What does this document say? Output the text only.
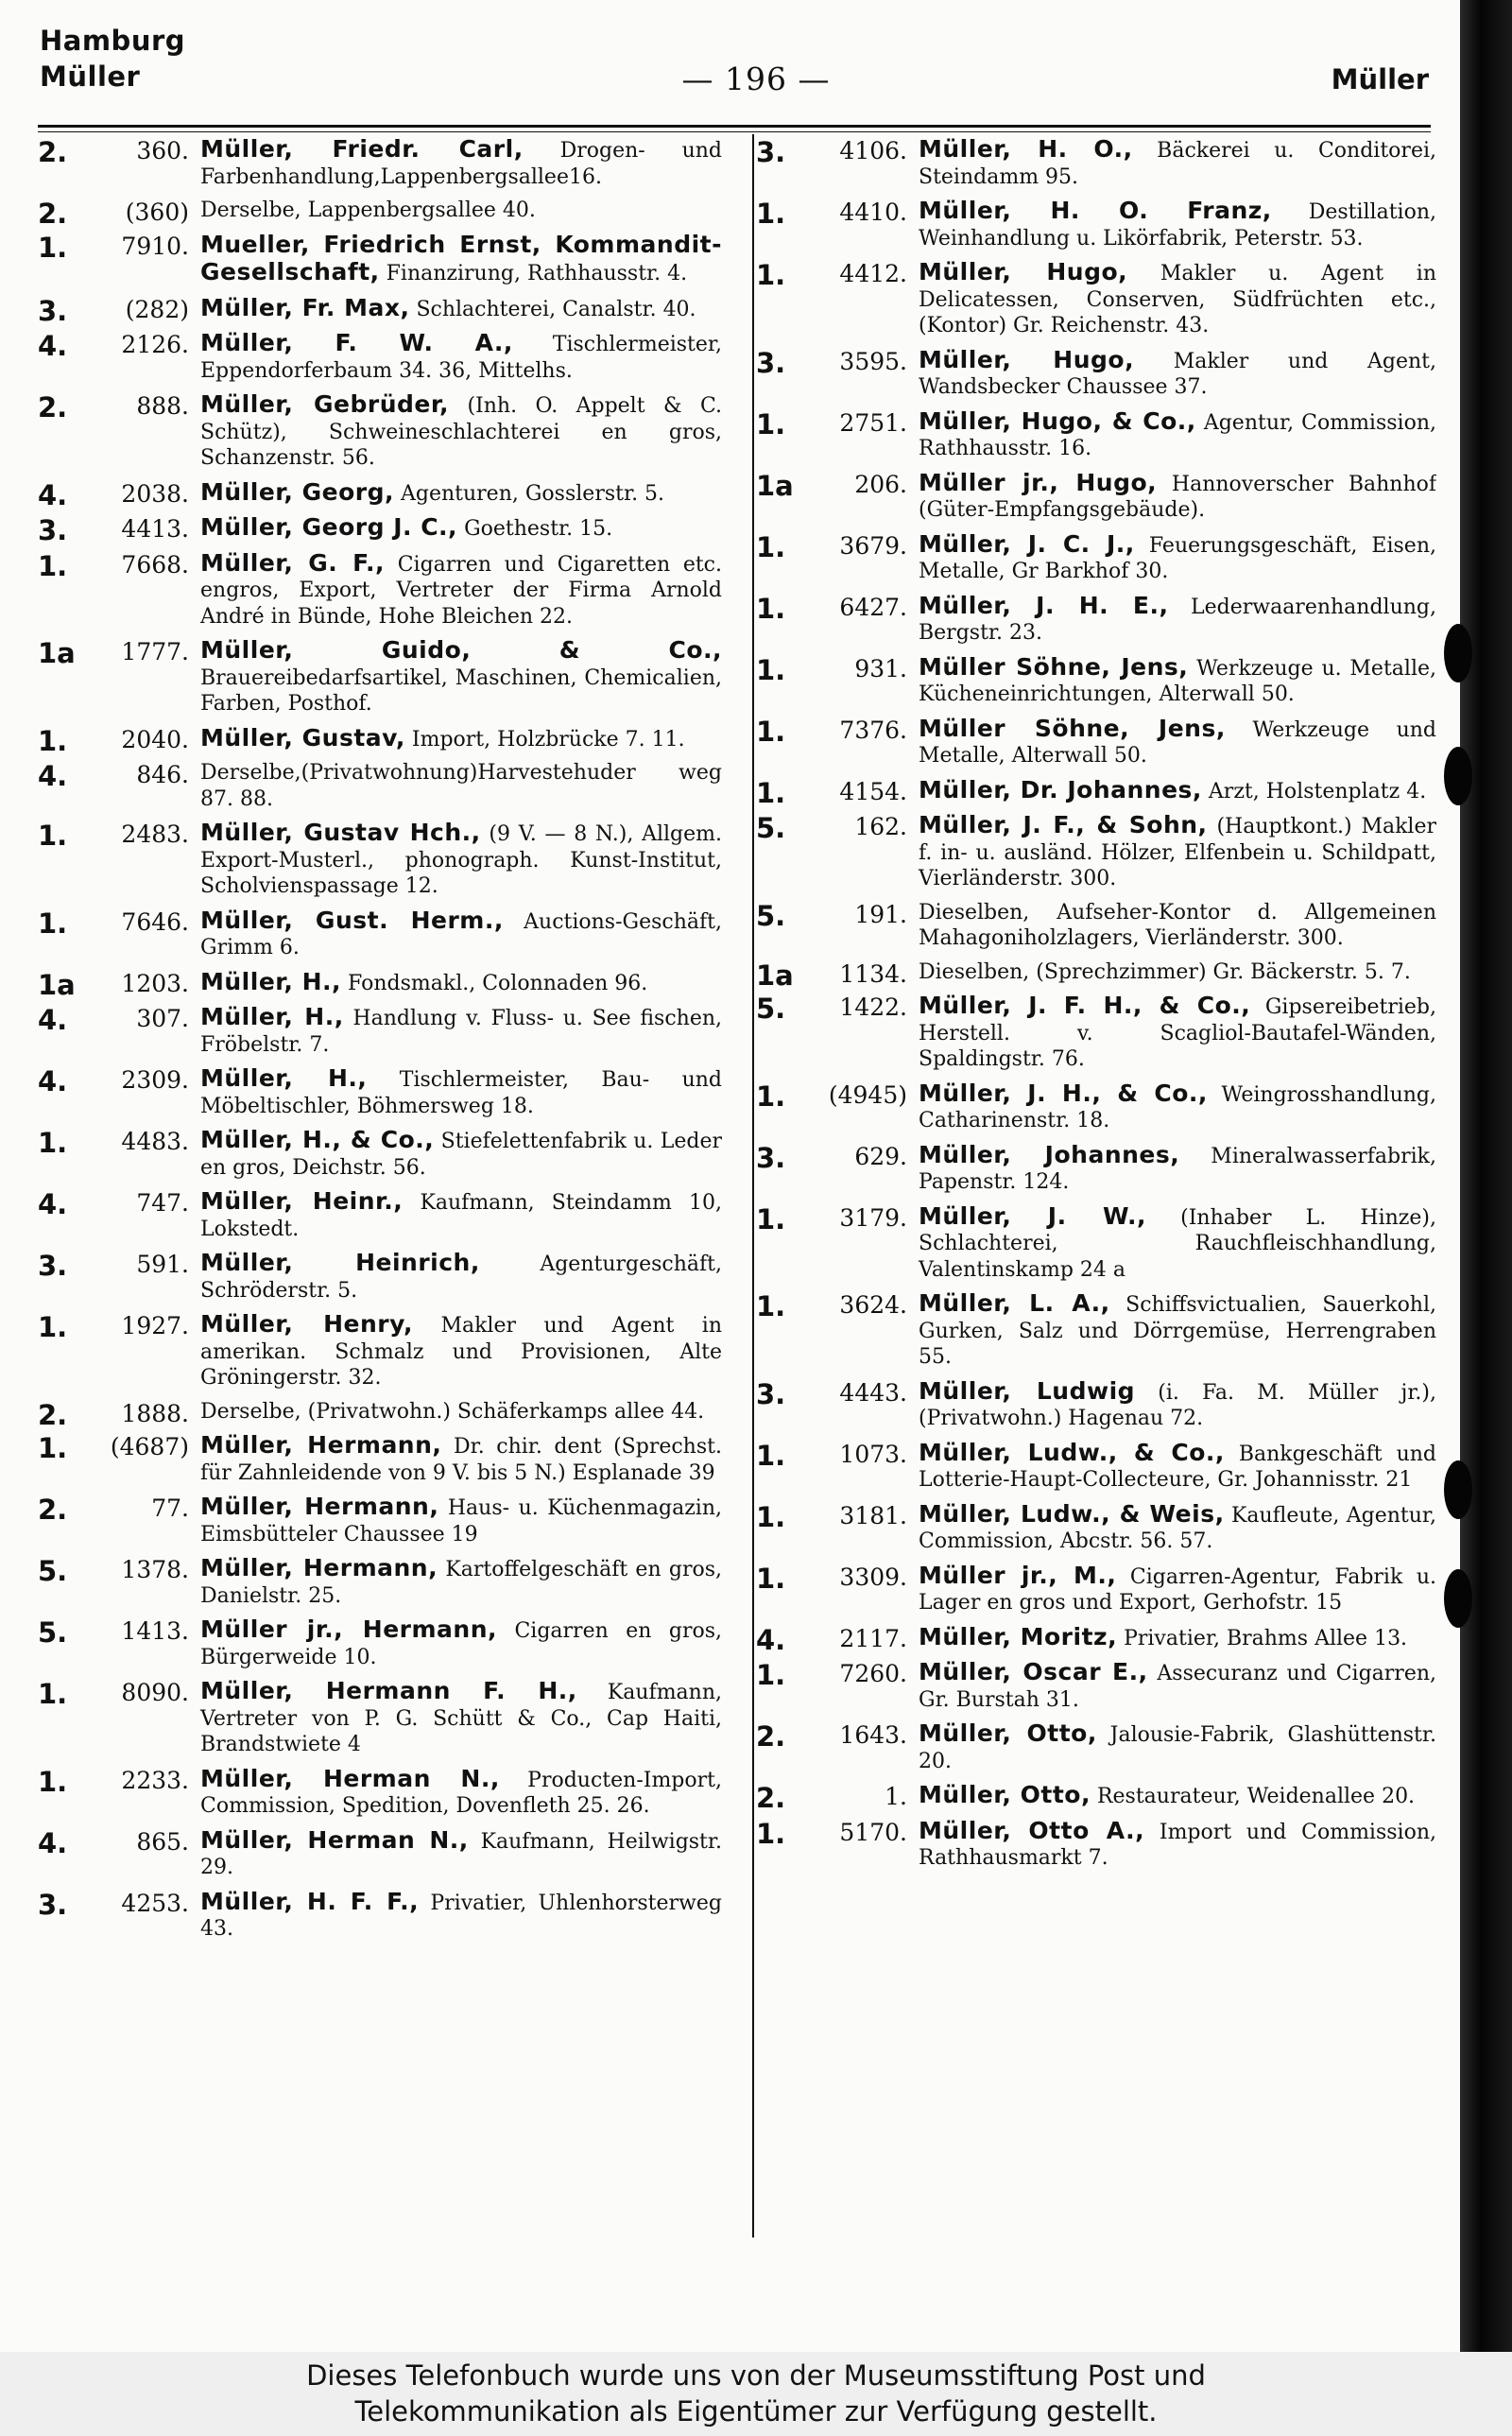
Hamburg
Müller	— 196 —	Müller
2.	360. Müller, Friedr. Carl, Drogen- und Farbenhandlung,Lappenbergsallee16.
2.	(360) Derselbe, Lappenbergsallee 40.
1.	7910. Mueller, Friedrich Ernst, Kommandit-Gesellschaft, Finanzirung, Rathhausstr. 4.
3.	(282) Müller, Fr. Max, Schlachterei, Canalstr. 40.
4.	2126. Müller, F. W. A., Tischlermeister, Eppendorferbaum 34. 36, Mittelhs.
2.	888. Müller, Gebrüder, (Inh. O. Appelt & C. Schütz), Schweineschlachterei en gros, Schanzenstr. 56.
4.	2038. Müller, Georg, Agenturen, Gosslerstr. 5.
3.	4413. Müller, Georg J. C., Goethestr. 15.
1.	7668. Müller, G. F., Cigarren und Cigaretten etc. engros, Export, Vertreter der Firma Arnold André in Bünde, Hohe Bleichen 22.
1a	1777. Müller, Guido, & Co., Brauereibedarfsartikel, Maschinen, Chemicalien, Farben, Posthof.
1.	2040. Müller, Gustav, Import, Holzbrücke 7. 11.
4.	846. Derselbe,(Privatwohnung)Harvestehuder weg 87. 88.
1.	2483. Müller, Gustav Hch., (9 V. — 8 N.), Allgem. Export-Musterl., phonograph. Kunst-Institut, Scholvienspassage 12.
1.	7646. Müller, Gust. Herm., Auctions-Geschäft, Grimm 6.
1a	1203. Müller, H., Fondsmakl., Colonnaden 96.
4.	307. Müller, H., Handlung v. Fluss- u. See fischen, Fröbelstr. 7.
4.	2309. Müller, H., Tischlermeister, Bau- und Möbeltischler, Böhmersweg 18.
1.	4483. Müller, H., & Co., Stiefelettenfabrik u. Leder en gros, Deichstr. 56.
4.	747. Müller, Heinr., Kaufmann, Steindamm 10, Lokstedt.
3.	591. Müller, Heinrich,	Agenturgeschäft, Schröderstr. 5.
1.	1927. Müller, Henry, Makler und Agent in amerikan. Schmalz und Provisionen, Alte Gröningerstr. 32.
2.	1888. Derselbe, (Privatwohn.) Schäferkamps allee 44.
1.	(4687) Müller, Hermann, Dr. chir. dent (Sprechst. für Zahnleidende von 9 V. bis 5 N.) Esplanade 39
2.	77. Müller, Hermann, Haus- u. Küchenmagazin, Eimsbütteler Chaussee 19
5.	1378. Müller, Hermann, Kartoffelgeschäft en gros, Danielstr. 25.
5.	1413. Müller jr., Hermann, Cigarren en gros, Bürgerweide 10.
1.	8090. Müller, Hermann F. H., Kaufmann, Vertreter von P. G. Schütt & Co., Cap Haiti, Brandstwiete 4
1.	2233. Müller, Herman N., Producten-Import, Commission, Spedition, Dovenfleth 25. 26.
4.	865. Müller, Herman N., Kaufmann, Heilwigstr. 29.
3.	4253. Müller, H. F. F., Privatier, Uhlenhorsterweg 43.
3.	4106. Müller, H. O., Bäckerei u. Conditorei, Steindamm 95.
1.	4410. Müller, H. O. Franz, Destillation, Weinhandlung u. Likörfabrik, Peterstr. 53.
1.	4412. Müller, Hugo, Makler u. Agent in Delicatessen, Conserven, Südfrüchten etc., (Kontor) Gr. Reichenstr. 43.
3.	3595. Müller, Hugo, Makler und Agent, Wandsbecker Chaussee 37.
1.	2751. Müller, Hugo, & Co., Agentur, Commission, Rathhausstr. 16.
1a	206. Müller jr., Hugo, Hannoverscher Bahnhof (Güter-Empfangsgebäude).
1.	3679. Müller, J. C. J., Feuerungsgeschäft, Eisen, Metalle, Gr Barkhof 30.
1.	6427. Müller, J. H. E., Lederwaarenhandlung, Bergstr. 23.
1.	931. Müller Söhne, Jens, Werkzeuge u. Metalle, Kücheneinrichtungen, Alterwall 50.
1.	7376. Müller Söhne, Jens, Werkzeuge und Metalle, Alterwall 50.
1.	4154. Müller, Dr. Johannes, Arzt, Holstenplatz 4.
5.	162. Müller, J. F., & Sohn, (Hauptkont.) Makler f. in- u. ausländ. Hölzer, Elfenbein u. Schildpatt, Vierländerstr. 300.
5.	191. Dieselben, Aufseher-Kontor d. Allgemeinen Mahagoniholzlagers, Vierländerstr. 300.
1a	1134. Dieselben, (Sprechzimmer) Gr. Bäckerstr. 5. 7.
5.	1422. Müller, J. F. H., & Co., Gipsereibetrieb, Herstell. v. Scagliol-Bautafel-Wänden, Spaldingstr. 76.
1.	(4945) Müller, J. H., & Co., Weingrosshandlung, Catharinenstr. 18.
3.	629. Müller, Johannes, Mineralwasserfabrik, Papenstr. 124.
1.	3179. Müller, J. W., (Inhaber L. Hinze), Schlachterei, Rauchfleischhandlung, Valentinskamp 24 a
1.	3624. Müller, L. A., Schiffsvictualien, Sauerkohl, Gurken, Salz und Dörrgemüse, Herrengraben 55.
3.	4443. Müller, Ludwig (i. Fa. M. Müller jr.), (Privatwohn.) Hagenau 72.
1.	1073. Müller, Ludw., & Co., Bankgeschäft und Lotterie-Haupt-Collecteure, Gr. Johannisstr. 21
1.	3181. Müller, Ludw., & Weis, Kaufleute, Agentur, Commission, Abcstr. 56. 57.
1.	3309. Müller jr., M., Cigarren-Agentur, Fabrik u. Lager en gros und Export, Gerhofstr. 15
4.	2117. Müller, Moritz, Privatier, Brahms Allee 13.
1.	7260. Müller, Oscar E., Assecuranz und Cigarren, Gr. Burstah 31.
2.	1643. Müller, Otto, Jalousie-Fabrik, Glashüttenstr. 20.
2.	1. Müller, Otto, Restaurateur, Weidenallee 20.
1.	5170. Müller, Otto A., Import und Commission, Rathhausmarkt 7.
Dieses Telefonbuch wurde uns von der Museumsstiftung Post und
Telekommunikation als Eigentümer zur Verfügung gestellt.
